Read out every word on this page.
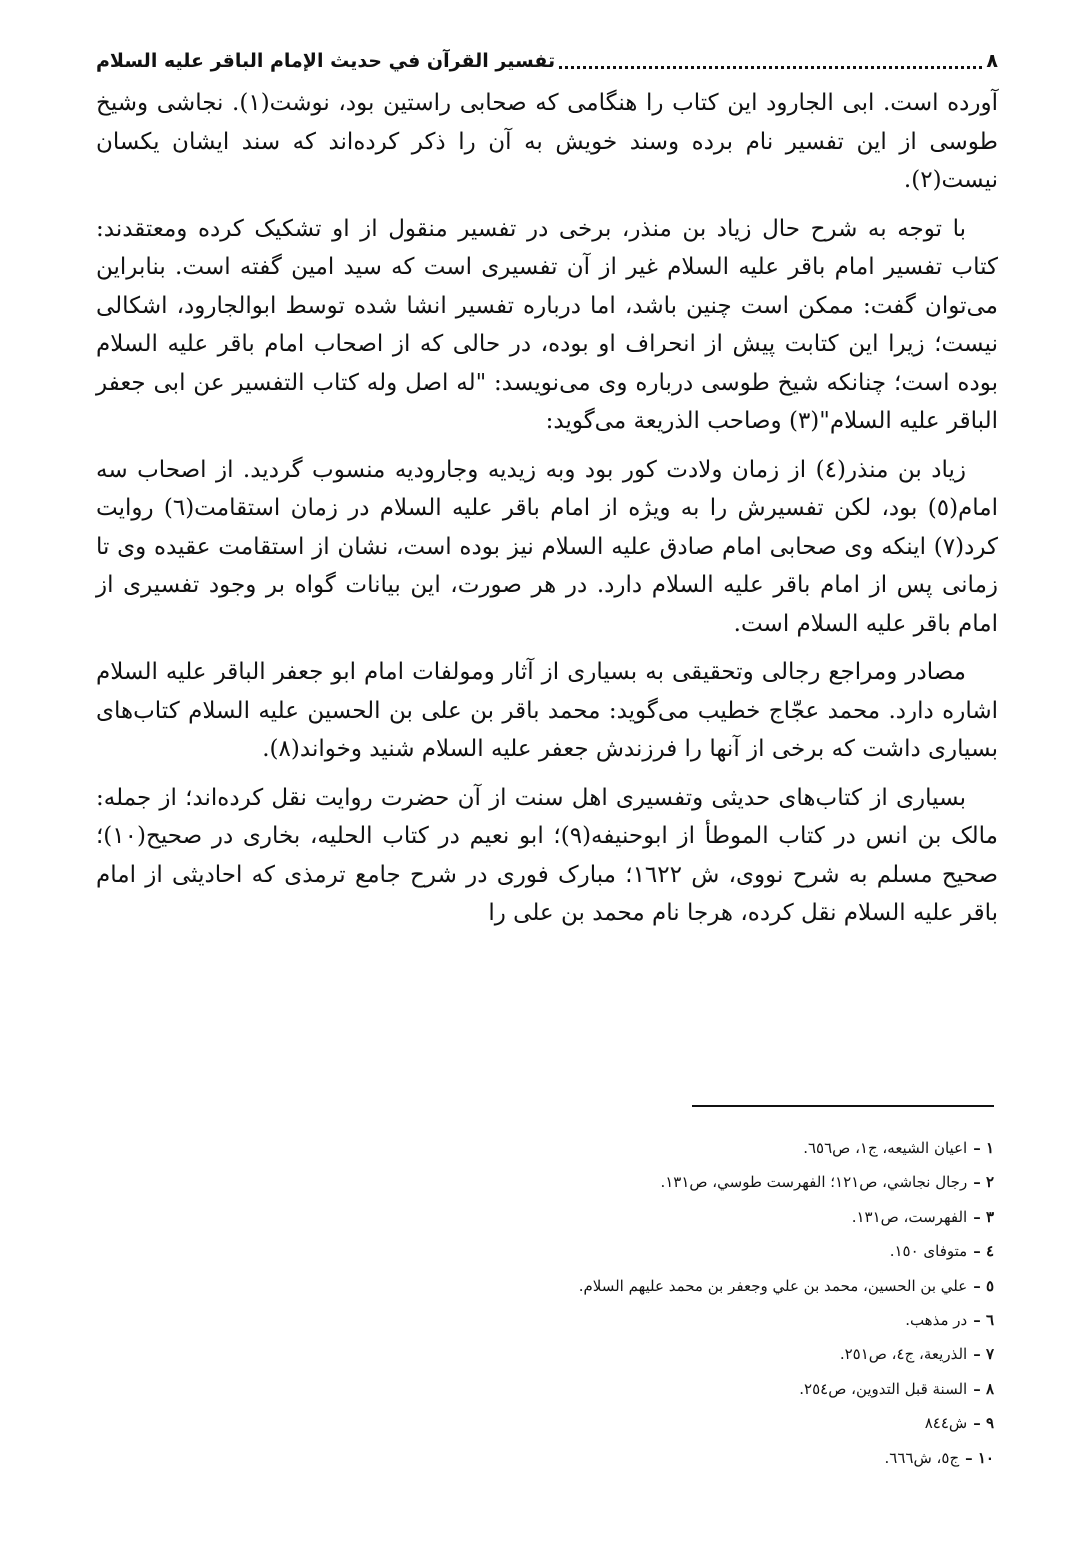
٨
تفسير القرآن في حديث الإمام الباقر عليه السلام

آورده است. ابی الجارود این کتاب را هنگامی که صحابی راستین بود، نوشت(١). نجاشی وشیخ طوسی از این تفسیر نام برده وسند خویش به آن را ذکر کرده‌اند که سند ایشان یکسان نیست(٢).

با توجه به شرح حال زیاد بن منذر، برخی در تفسیر منقول از او تشکیک کرده ومعتقدند: کتاب تفسیر امام باقر علیه السلام غیر از آن تفسیری است که سید امین گفته است. بنابراین می‌توان گفت: ممکن است چنین باشد، اما درباره تفسیر انشا شده توسط ابوالجارود، اشکالی نیست؛ زیرا این کتابت پیش از انحراف او بوده، در حالی که از اصحاب امام باقر علیه السلام بوده است؛ چنانکه شیخ طوسی درباره وی می‌نویسد: "له اصل وله کتاب التفسیر عن ابی جعفر الباقر علیه السلام"(٣) وصاحب الذریعة می‌گوید:

زیاد بن منذر(٤) از زمان ولادت کور بود وبه زیدیه وجارودیه منسوب گردید. از اصحاب سه امام(٥) بود، لکن تفسیرش را به ویژه از امام باقر علیه السلام در زمان استقامت(٦) روایت کرد(٧) اینکه وی صحابی امام صادق علیه السلام نیز بوده است، نشان از استقامت عقیده وی تا زمانی پس از امام باقر علیه السلام دارد. در هر صورت، این بیانات گواه بر وجود تفسیری از امام باقر علیه السلام است.

مصادر ومراجع رجالی وتحقیقی به بسیاری از آثار ومولفات امام ابو جعفر الباقر علیه السلام اشاره دارد. محمد عجّاج خطیب می‌گوید: محمد باقر بن علی بن الحسین علیه السلام کتاب‌های بسیاری داشت که برخی از آنها را فرزندش جعفر علیه السلام شنید وخواند(٨).

بسیاری از کتاب‌های حدیثی وتفسیری اهل سنت از آن حضرت روایت نقل کرده‌اند؛ از جمله: مالک بن انس در کتاب الموطأ از ابوحنیفه(٩)؛ ابو نعیم در کتاب الحلیه، بخاری در صحیح(١٠)؛ صحیح مسلم به شرح نووی، ش ١٦٢٢؛ مبارک فوری در شرح جامع ترمذی که احادیثی از امام باقر علیه السلام نقل کرده، هرجا نام محمد بن علی را

١ –اعيان الشيعه، ج١، ص٦٥٦.
٢ –رجال نجاشي، ص١٢١؛ الفهرست طوسي، ص١٣١.
٣ –الفهرست، ص١٣١.
٤ –متوفاى ١٥٠.
٥ –علي بن الحسين، محمد بن علي وجعفر بن محمد عليهم السلام.
٦ –در مذهب.
٧ –الذريعة، ج٤، ص٢٥١.
٨ –السنة قبل التدوين، ص٢٥٤.
٩ –ش٨٤٤
١٠ –ج٥، ش٦٦٦.
